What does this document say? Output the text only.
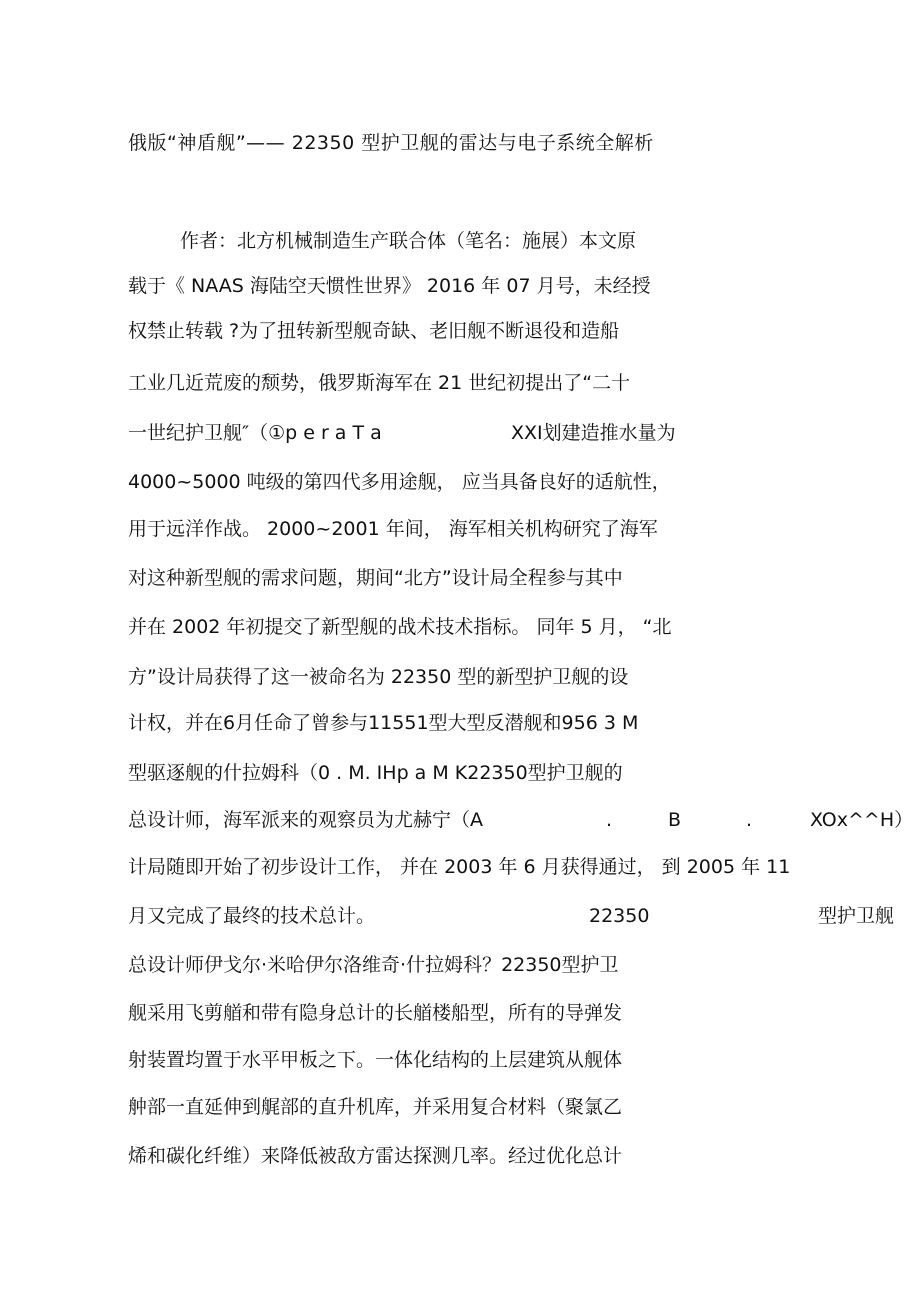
俄版“神盾舰”—— 22350 型护卫舰的雷达与电子系统全解析
作者：北方机械制造生产联合体（笔名：施展）本文原
载于《 NAAS 海陆空天惯性世界》 2016 年 07 月号，未经授
权禁止转载 ?为了扭转新型舰奇缺、老旧舰不断退役和造船
工业几近荒废的颓势，俄罗斯海军在 21 世纪初提出了“二十
一世纪护卫舰″（①p e r a T a	XXI划建造推水量为
4000~5000 吨级的第四代多用途舰， 应当具备良好的适航性，
用于远洋作战。 2000~2001 年间， 海军相关机构研究了海军
对这种新型舰的需求问题，期间“北方”设计局全程参与其中
并在 2002 年初提交了新型舰的战术技术指标。 同年 5 月， “北
方”设计局获得了这一被命名为 22350 型的新型护卫舰的设
计权，并在6月任命了曾参与11551型大型反潜舰和956 3 M
型驱逐舰的什拉姆科（0 . M. IHp a M K22350型护卫舰的
总设计师，海军派来的观察员为尤赫宁（A	.	B	.	XOx^^H）
计局随即开始了初步设计工作， 并在 2003 年 6 月获得通过， 到 2005 年 11
月又完成了最终的技术总计。	22350	型护卫舰
总设计师伊戈尔·米哈伊尔洛维奇·什拉姆科？22350型护卫
舰采用飞剪艏和带有隐身总计的长艏楼船型，所有的导弹发
射装置均置于水平甲板之下。一体化结构的上层建筑从舰体
舯部一直延伸到艉部的直升机库，并采用复合材料（聚氯乙
烯和碳化纤维）来降低被敌方雷达探测几率。经过优化总计
